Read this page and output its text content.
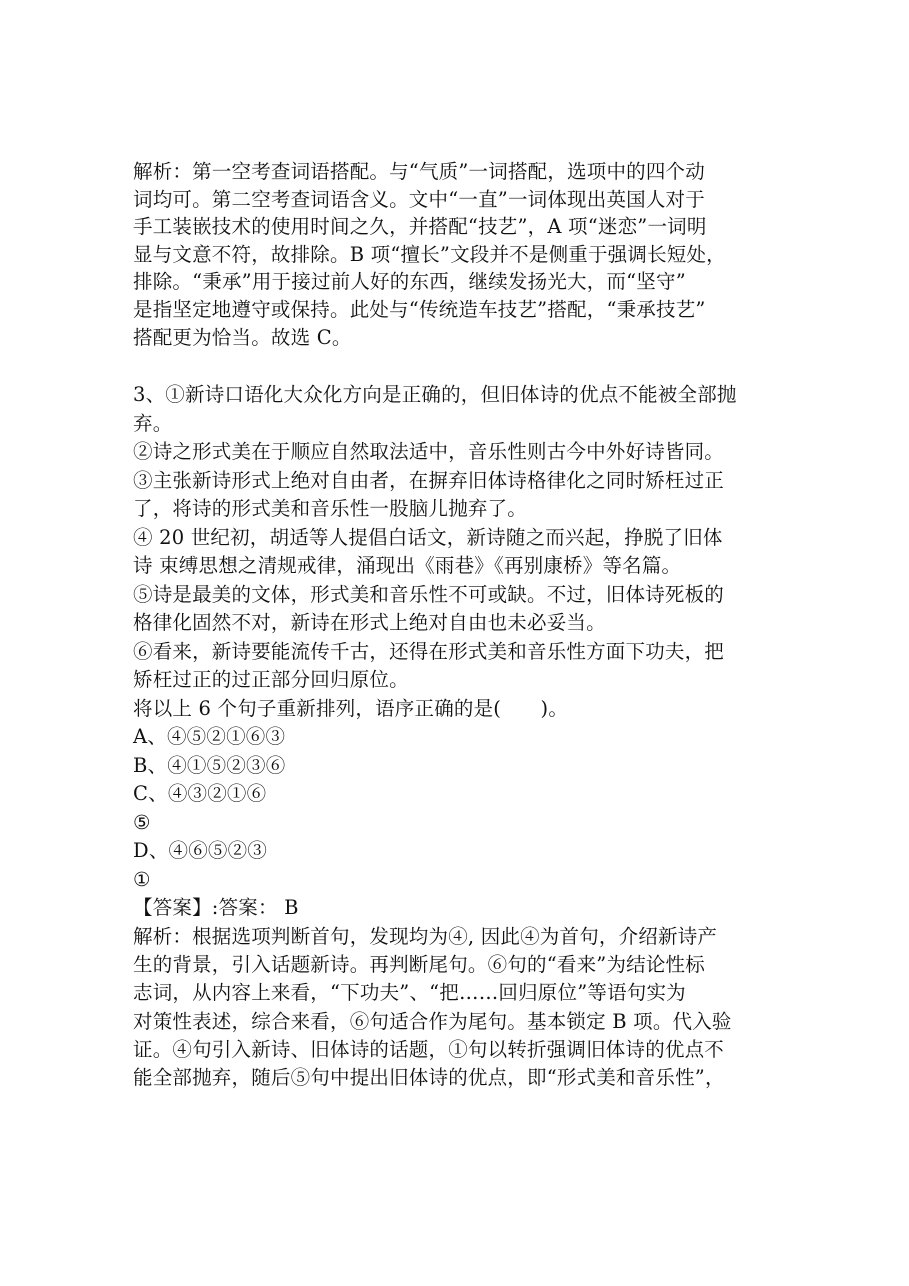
解析：第一空考查词语搭配。与“气质”一词搭配，选项中的四个动
词均可。第二空考查词语含义。文中“一直”一词体现出英国人对于
手工装嵌技术的使用时间之久，并搭配“技艺”，A 项“迷恋”一词明
显与文意不符，故排除。B 项“擅长”文段并不是侧重于强调长短处，
排除。“秉承”用于接过前人好的东西，继续发扬光大，而“坚守”
是指坚定地遵守或保持。此处与“传统造车技艺”搭配，“秉承技艺”
搭配更为恰当。故选 C。
3、①新诗口语化大众化方向是正确的，但旧体诗的优点不能被全部抛
弃。
②诗之形式美在于顺应自然取法适中，音乐性则古今中外好诗皆同。
③主张新诗形式上绝对自由者，在摒弃旧体诗格律化之同时矫枉过正
了，将诗的形式美和音乐性一股脑儿抛弃了。
④ 20 世纪初，胡适等人提倡白话文，新诗随之而兴起，挣脱了旧体
诗 束缚思想之清规戒律，涌现出《雨巷》《再别康桥》等名篇。
⑤诗是最美的文体，形式美和音乐性不可或缺。不过，旧体诗死板的
格律化固然不对，新诗在形式上绝对自由也未必妥当。
⑥看来，新诗要能流传千古，还得在形式美和音乐性方面下功夫，把
矫枉过正的过正部分回归原位。
将以上 6 个句子重新排列，语序正确的是(　　)。
A、④⑤②①⑥③
B、④①⑤②③⑥
C、④③②①⑥
⑤
D、④⑥⑤②③
①
【答案】:答案： B
解析：根据选项判断首句，发现均为④, 因此④为首句，介绍新诗产
生的背景，引入话题新诗。再判断尾句。⑥句的“看来”为结论性标
志词，从内容上来看，“下功夫”、“把……回归原位”等语句实为
对策性表述，综合来看，⑥句适合作为尾句。基本锁定 B 项。代入验
证。④句引入新诗、旧体诗的话题，①句以转折强调旧体诗的优点不
能全部抛弃，随后⑤句中提出旧体诗的优点，即“形式美和音乐性”，
